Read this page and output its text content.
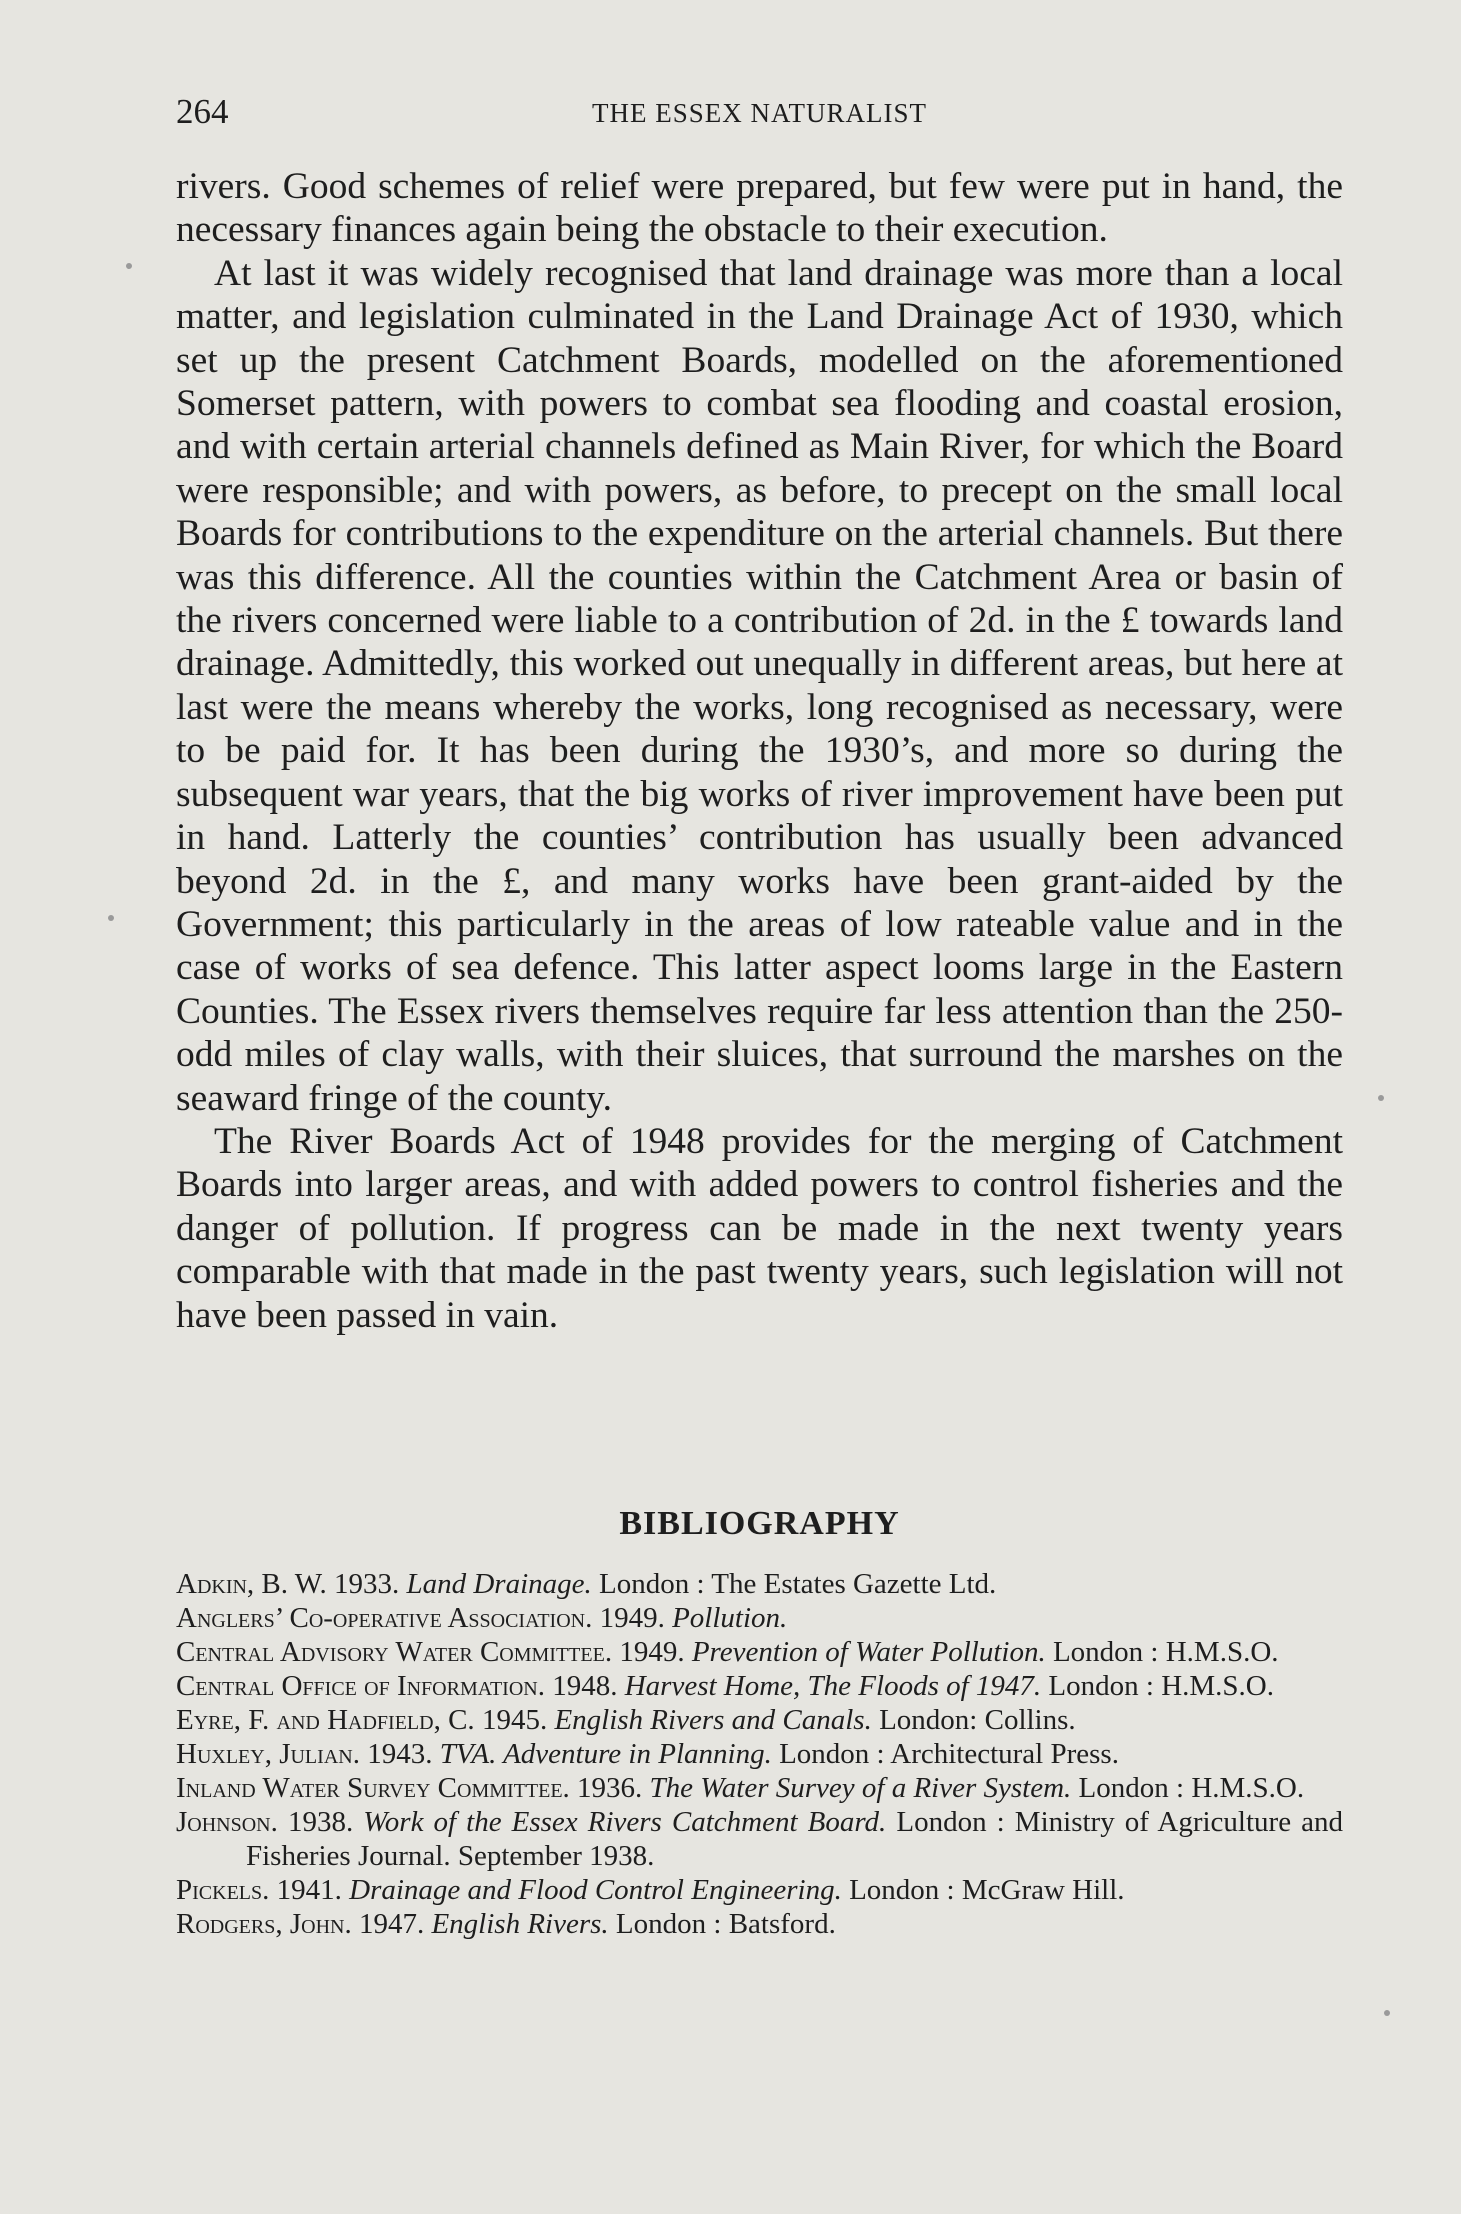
264	THE ESSEX NATURALIST

rivers. Good schemes of relief were prepared, but few were put in hand, the necessary finances again being the obstacle to their execution.

At last it was widely recognised that land drainage was more than a local matter, and legislation culminated in the Land Drainage Act of 1930, which set up the present Catchment Boards, modelled on the aforementioned Somerset pattern, with powers to combat sea flooding and coastal erosion, and with certain arterial channels defined as Main River, for which the Board were responsible; and with powers, as before, to precept on the small local Boards for contributions to the expenditure on the arterial channels. But there was this difference. All the counties within the Catchment Area or basin of the rivers concerned were liable to a contribution of 2d. in the £ towards land drainage. Admittedly, this worked out unequally in different areas, but here at last were the means whereby the works, long recognised as necessary, were to be paid for. It has been during the 1930’s, and more so during the subsequent war years, that the big works of river improvement have been put in hand. Latterly the counties’ contribution has usually been advanced beyond 2d. in the £, and many works have been grant-aided by the Government; this particularly in the areas of low rateable value and in the case of works of sea defence. This latter aspect looms large in the Eastern Counties. The Essex rivers themselves require far less attention than the 250-odd miles of clay walls, with their sluices, that surround the marshes on the seaward fringe of the county.

The River Boards Act of 1948 provides for the merging of Catchment Boards into larger areas, and with added powers to control fisheries and the danger of pollution. If progress can be made in the next twenty years comparable with that made in the past twenty years, such legislation will not have been passed in vain.

BIBLIOGRAPHY
Adkin, B. W. 1933. Land Drainage. London : The Estates Gazette Ltd.
Anglers’ Co-operative Association. 1949. Pollution.
Central Advisory Water Committee. 1949. Prevention of Water Pollution. London : H.M.S.O.
Central Office of Information. 1948. Harvest Home, The Floods of 1947. London : H.M.S.O.
Eyre, F. and Hadfield, C. 1945. English Rivers and Canals. London: Collins.
Huxley, Julian. 1943. TVA. Adventure in Planning. London : Architectural Press.
Inland Water Survey Committee. 1936. The Water Survey of a River System. London : H.M.S.O.
Johnson. 1938. Work of the Essex Rivers Catchment Board. London : Ministry of Agriculture and Fisheries Journal. September 1938.
Pickels. 1941. Drainage and Flood Control Engineering. London : McGraw Hill.
Rodgers, John. 1947. English Rivers. London : Batsford.
